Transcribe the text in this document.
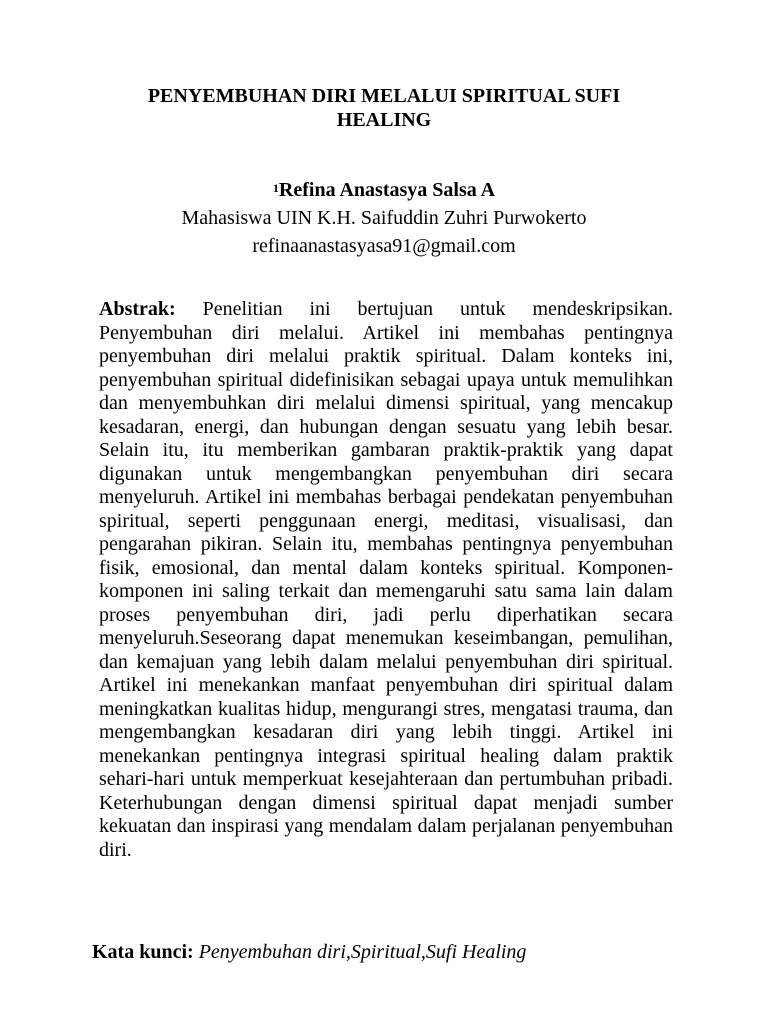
PENYEMBUHAN DIRI MELALUI SPIRITUAL SUFI
HEALING
$^1$Refina Anastasya Salsa A
Mahasiswa UIN K.H. Saifuddin Zuhri Purwokerto
refinaanastasyasa91@gmail.com

Abstrak: Penelitian ini bertujuan untuk mendeskripsikan. Penyembuhan diri melalui. Artikel ini membahas pentingnya penyembuhan diri melalui praktik spiritual. Dalam konteks ini, penyembuhan spiritual didefinisikan sebagai upaya untuk memulihkan dan menyembuhkan diri melalui dimensi spiritual, yang mencakup kesadaran, energi, dan hubungan dengan sesuatu yang lebih besar. Selain itu, itu memberikan gambaran praktik-praktik yang dapat digunakan untuk mengembangkan penyembuhan diri secara menyeluruh. Artikel ini membahas berbagai pendekatan penyembuhan spiritual, seperti penggunaan energi, meditasi, visualisasi, dan pengarahan pikiran. Selain itu, membahas pentingnya penyembuhan fisik, emosional, dan mental dalam konteks spiritual. Komponen-komponen ini saling terkait dan memengaruhi satu sama lain dalam proses penyembuhan diri, jadi perlu diperhatikan secara menyeluruh.Seseorang dapat menemukan keseimbangan, pemulihan, dan kemajuan yang lebih dalam melalui penyembuhan diri spiritual. Artikel ini menekankan manfaat penyembuhan diri spiritual dalam meningkatkan kualitas hidup, mengurangi stres, mengatasi trauma, dan mengembangkan kesadaran diri yang lebih tinggi. Artikel ini menekankan pentingnya integrasi spiritual healing dalam praktik sehari-hari untuk memperkuat kesejahteraan dan pertumbuhan pribadi. Keterhubungan dengan dimensi spiritual dapat menjadi sumber kekuatan dan inspirasi yang mendalam dalam perjalanan penyembuhan diri.

Kata kunci: Penyembuhan diri,Spiritual,Sufi Healing
